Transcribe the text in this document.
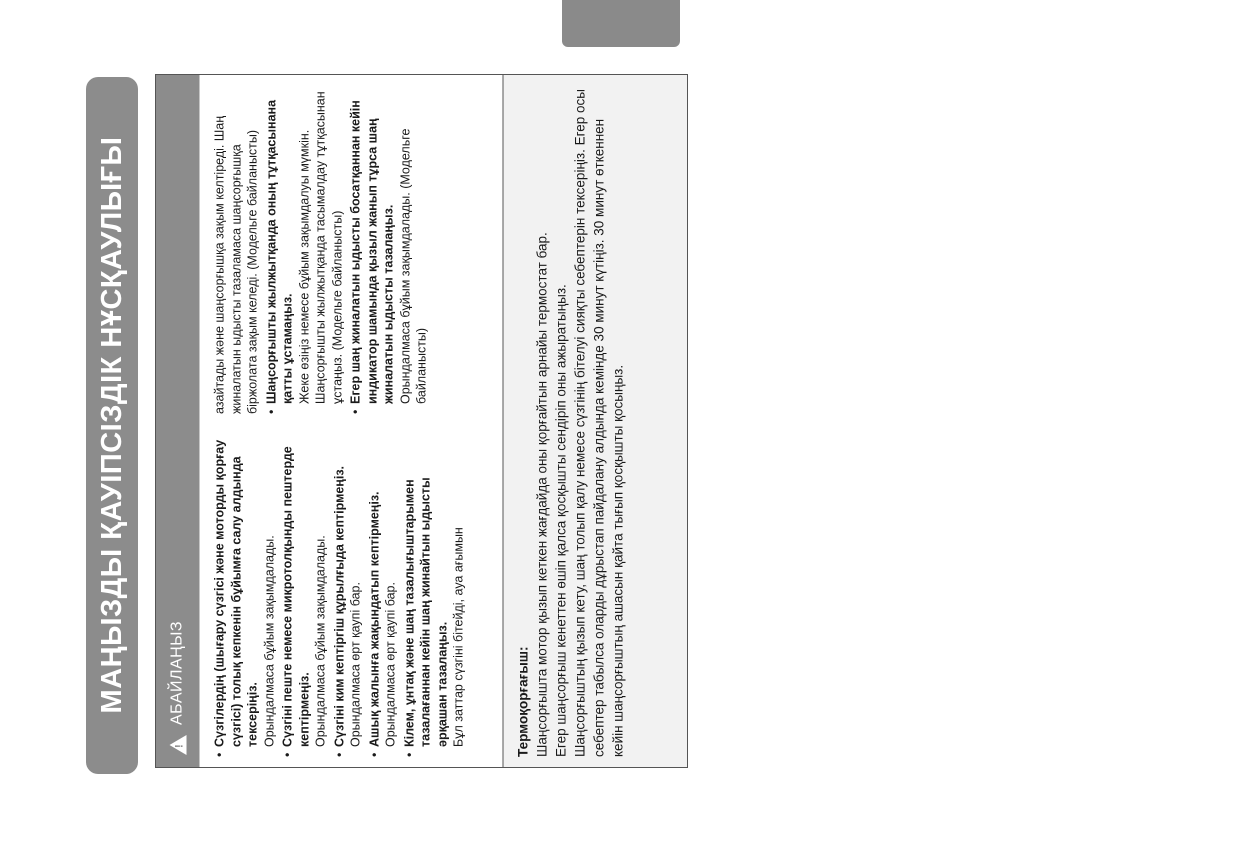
МАҢЫЗДЫ ҚАУІПСІЗДІК НҰСҚАУЛЫҒЫ
!
АБАЙЛАҢЫЗ
•
Сүзгілердің (шығару сүзгісі және моторды қорғау сүзгісі) толық кепкенін бұйымға салу алдында тексеріңіз. Орындалмаса бұйым зақымдалады.
•
Сүзгіні пеште немесе микротолқынды пештерде кептірмеңіз. Орындалмаса бұйым зақымдалады.
•
Сүзгіні ким кептіргіш құрылғыда кептірмеңіз. Орындалмаса өрт қаупі бар.
•
Ашық жалынға жақындатып кептірмеңіз. Орындалмаса өрт қаупі бар.
•
Кілем, ұнтақ және шаң тазалығыштарымен тазалағаннан кейін шаң жинайтын ыдысты әрқашан тазалаңыз. Бұл заттар сүзгіні бітейді, ауа ағымын
азайтады және шаңсорғышқа зақым келтіреді. Шаң жиналатын ыдысты тазаламаса шаңсорғышқа біржолата зақым келеді. (Модельге байланысты) •
Шаңсорғышты жылжытқанда оның тұтқасынана қатты ұстамаңыз. Жеке өзіңіз немесе бұйым зақымдалуы мүмкін. Шаңсорғышты жылжытқанда тасымалдау тұтқасынан ұстаңыз. (Модельге байланысты)
•
Егер шаң жиналатын ыдысты босатқаннан кейін индикатор шамында қызыл жанып тұрса шаң жиналатын ыдысты тазалаңыз. Орындалмаса бұйым зақымдалады. (Модельге байланысты)
Термоқорғағыш: Шаңсорғышта мотор қызып кеткен жағдайда оны қорғайтын арнайы термостат бар. Егер шаңсорғыш кенеттен өшіп қалса қосқышты сендіріп оны ажыратыңыз. Шаңсорғыштың қызып кету, шаң толып қалу немесе сүзгінің бітелуі сияқты себептерін тексеріңіз. Егер осы себептер табылса оларды дұрыстап пайдалану алдында кемінде 30 минут күтіңіз. 30 минут өткеннен кейін шаңсорғыштың ашасын қайта тығып қосқышты қосыңыз.
